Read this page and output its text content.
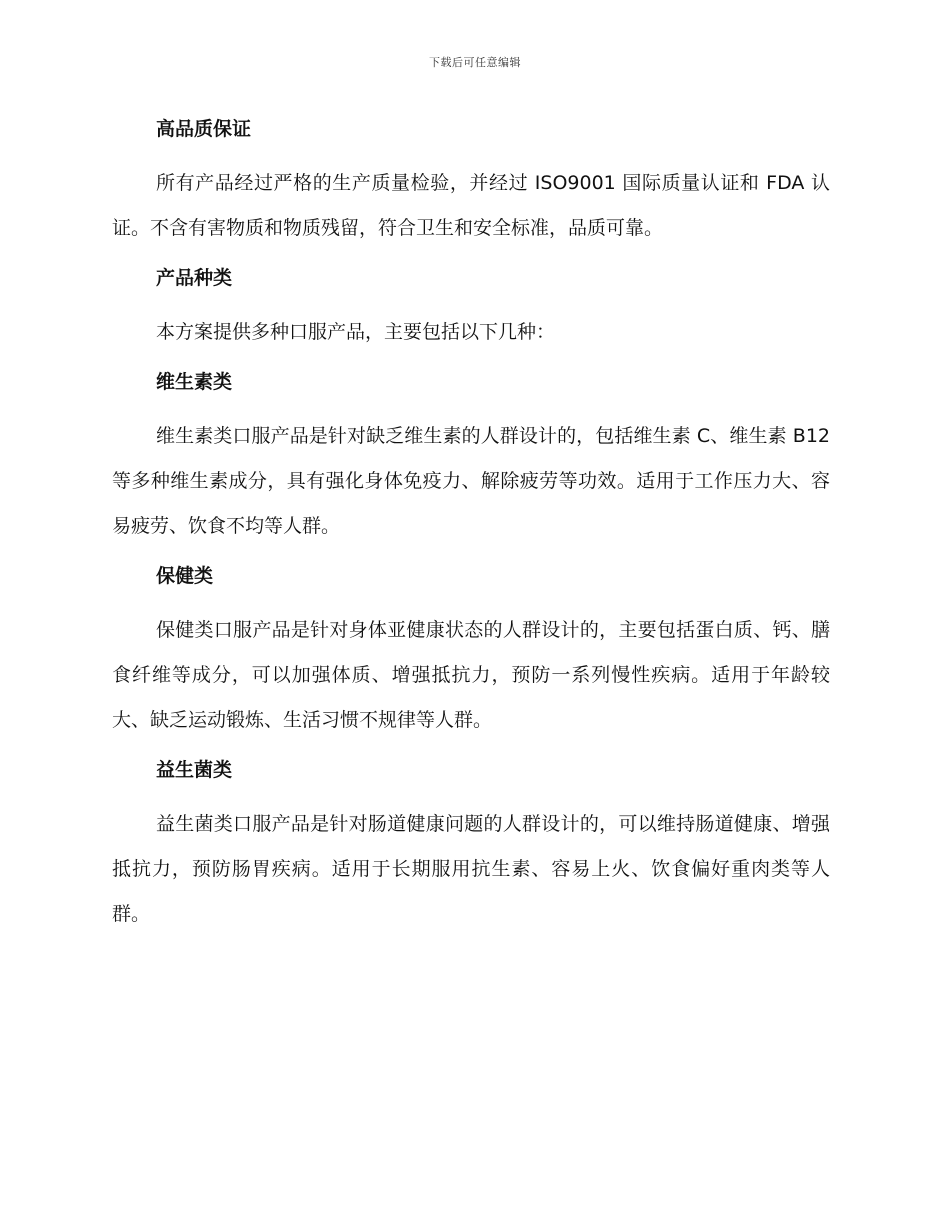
下载后可任意编辑
高品质保证

所有产品经过严格的生产质量检验，并经过 ISO9001 国际质量认证和 FDA 认证。不含有害物质和物质残留，符合卫生和安全标准，品质可靠。

产品种类

本方案提供多种口服产品，主要包括以下几种：

维生素类

维生素类口服产品是针对缺乏维生素的人群设计的，包括维生素 C、维生素 B12 等多种维生素成分，具有强化身体免疫力、解除疲劳等功效。适用于工作压力大、容易疲劳、饮食不均等人群。

保健类

保健类口服产品是针对身体亚健康状态的人群设计的，主要包括蛋白质、钙、膳食纤维等成分，可以加强体质、增强抵抗力，预防一系列慢性疾病。适用于年龄较大、缺乏运动锻炼、生活习惯不规律等人群。

益生菌类

益生菌类口服产品是针对肠道健康问题的人群设计的，可以维持肠道健康、增强抵抗力，预防肠胃疾病。适用于长期服用抗生素、容易上火、饮食偏好重肉类等人群。
